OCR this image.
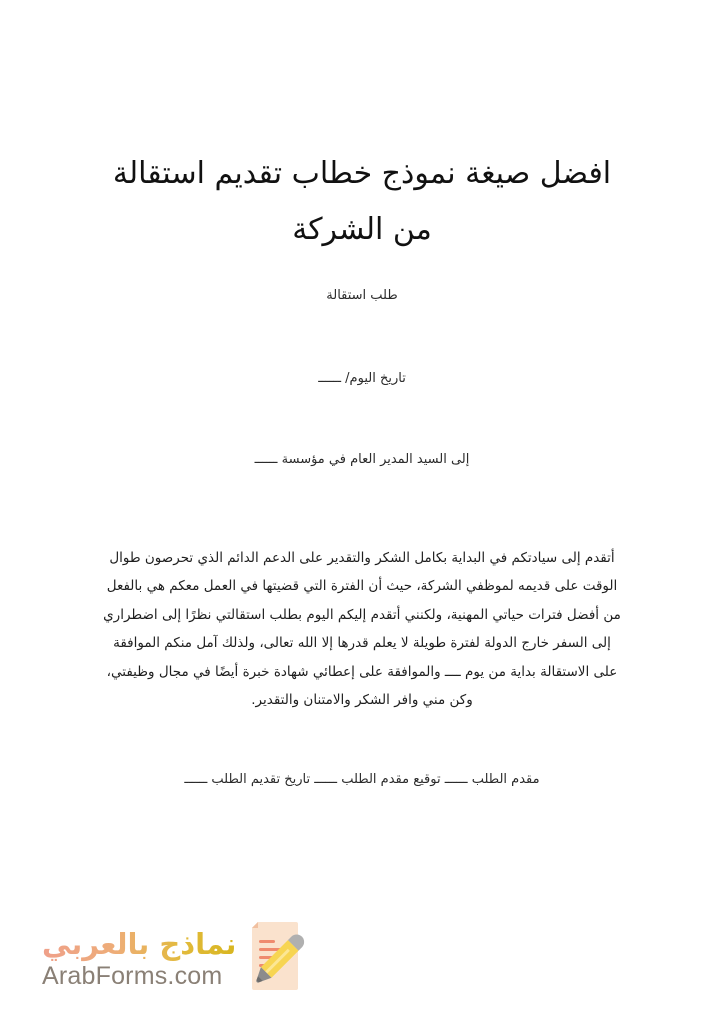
افضل صيغة نموذج خطاب تقديم استقالة من الشركة
طلب استقالة
تاريخ اليوم/ ــــــ
إلى السيد المدير العام في مؤسسة ــــــ

أتقدم إلى سيادتكم في البداية بكامل الشكر والتقدير على الدعم الدائم الذي تحرصون طوال الوقت على قديمه لموظفي الشركة، حيث أن الفترة التي قضيتها في العمل معكم هي بالفعل من أفضل فترات حياتي المهنية، ولكنني أتقدم إليكم اليوم بطلب استقالتي نظرًا إلى اضطراري إلى السفر خارج الدولة لفترة طويلة لا يعلم قدرها إلا الله تعالى، ولذلك آمل منكم الموافقة على الاستقالة بداية من يوم ــــ والموافقة على إعطائي شهادة خبرة أيضًا في مجال وظيفتي، وكن مني وافر الشكر والامتنان والتقدير.

مقدم الطلب ــــــ توقيع مقدم الطلب ــــــ تاريخ تقديم الطلب ــــــ
نماذج بالعربي
ArabForms.com
